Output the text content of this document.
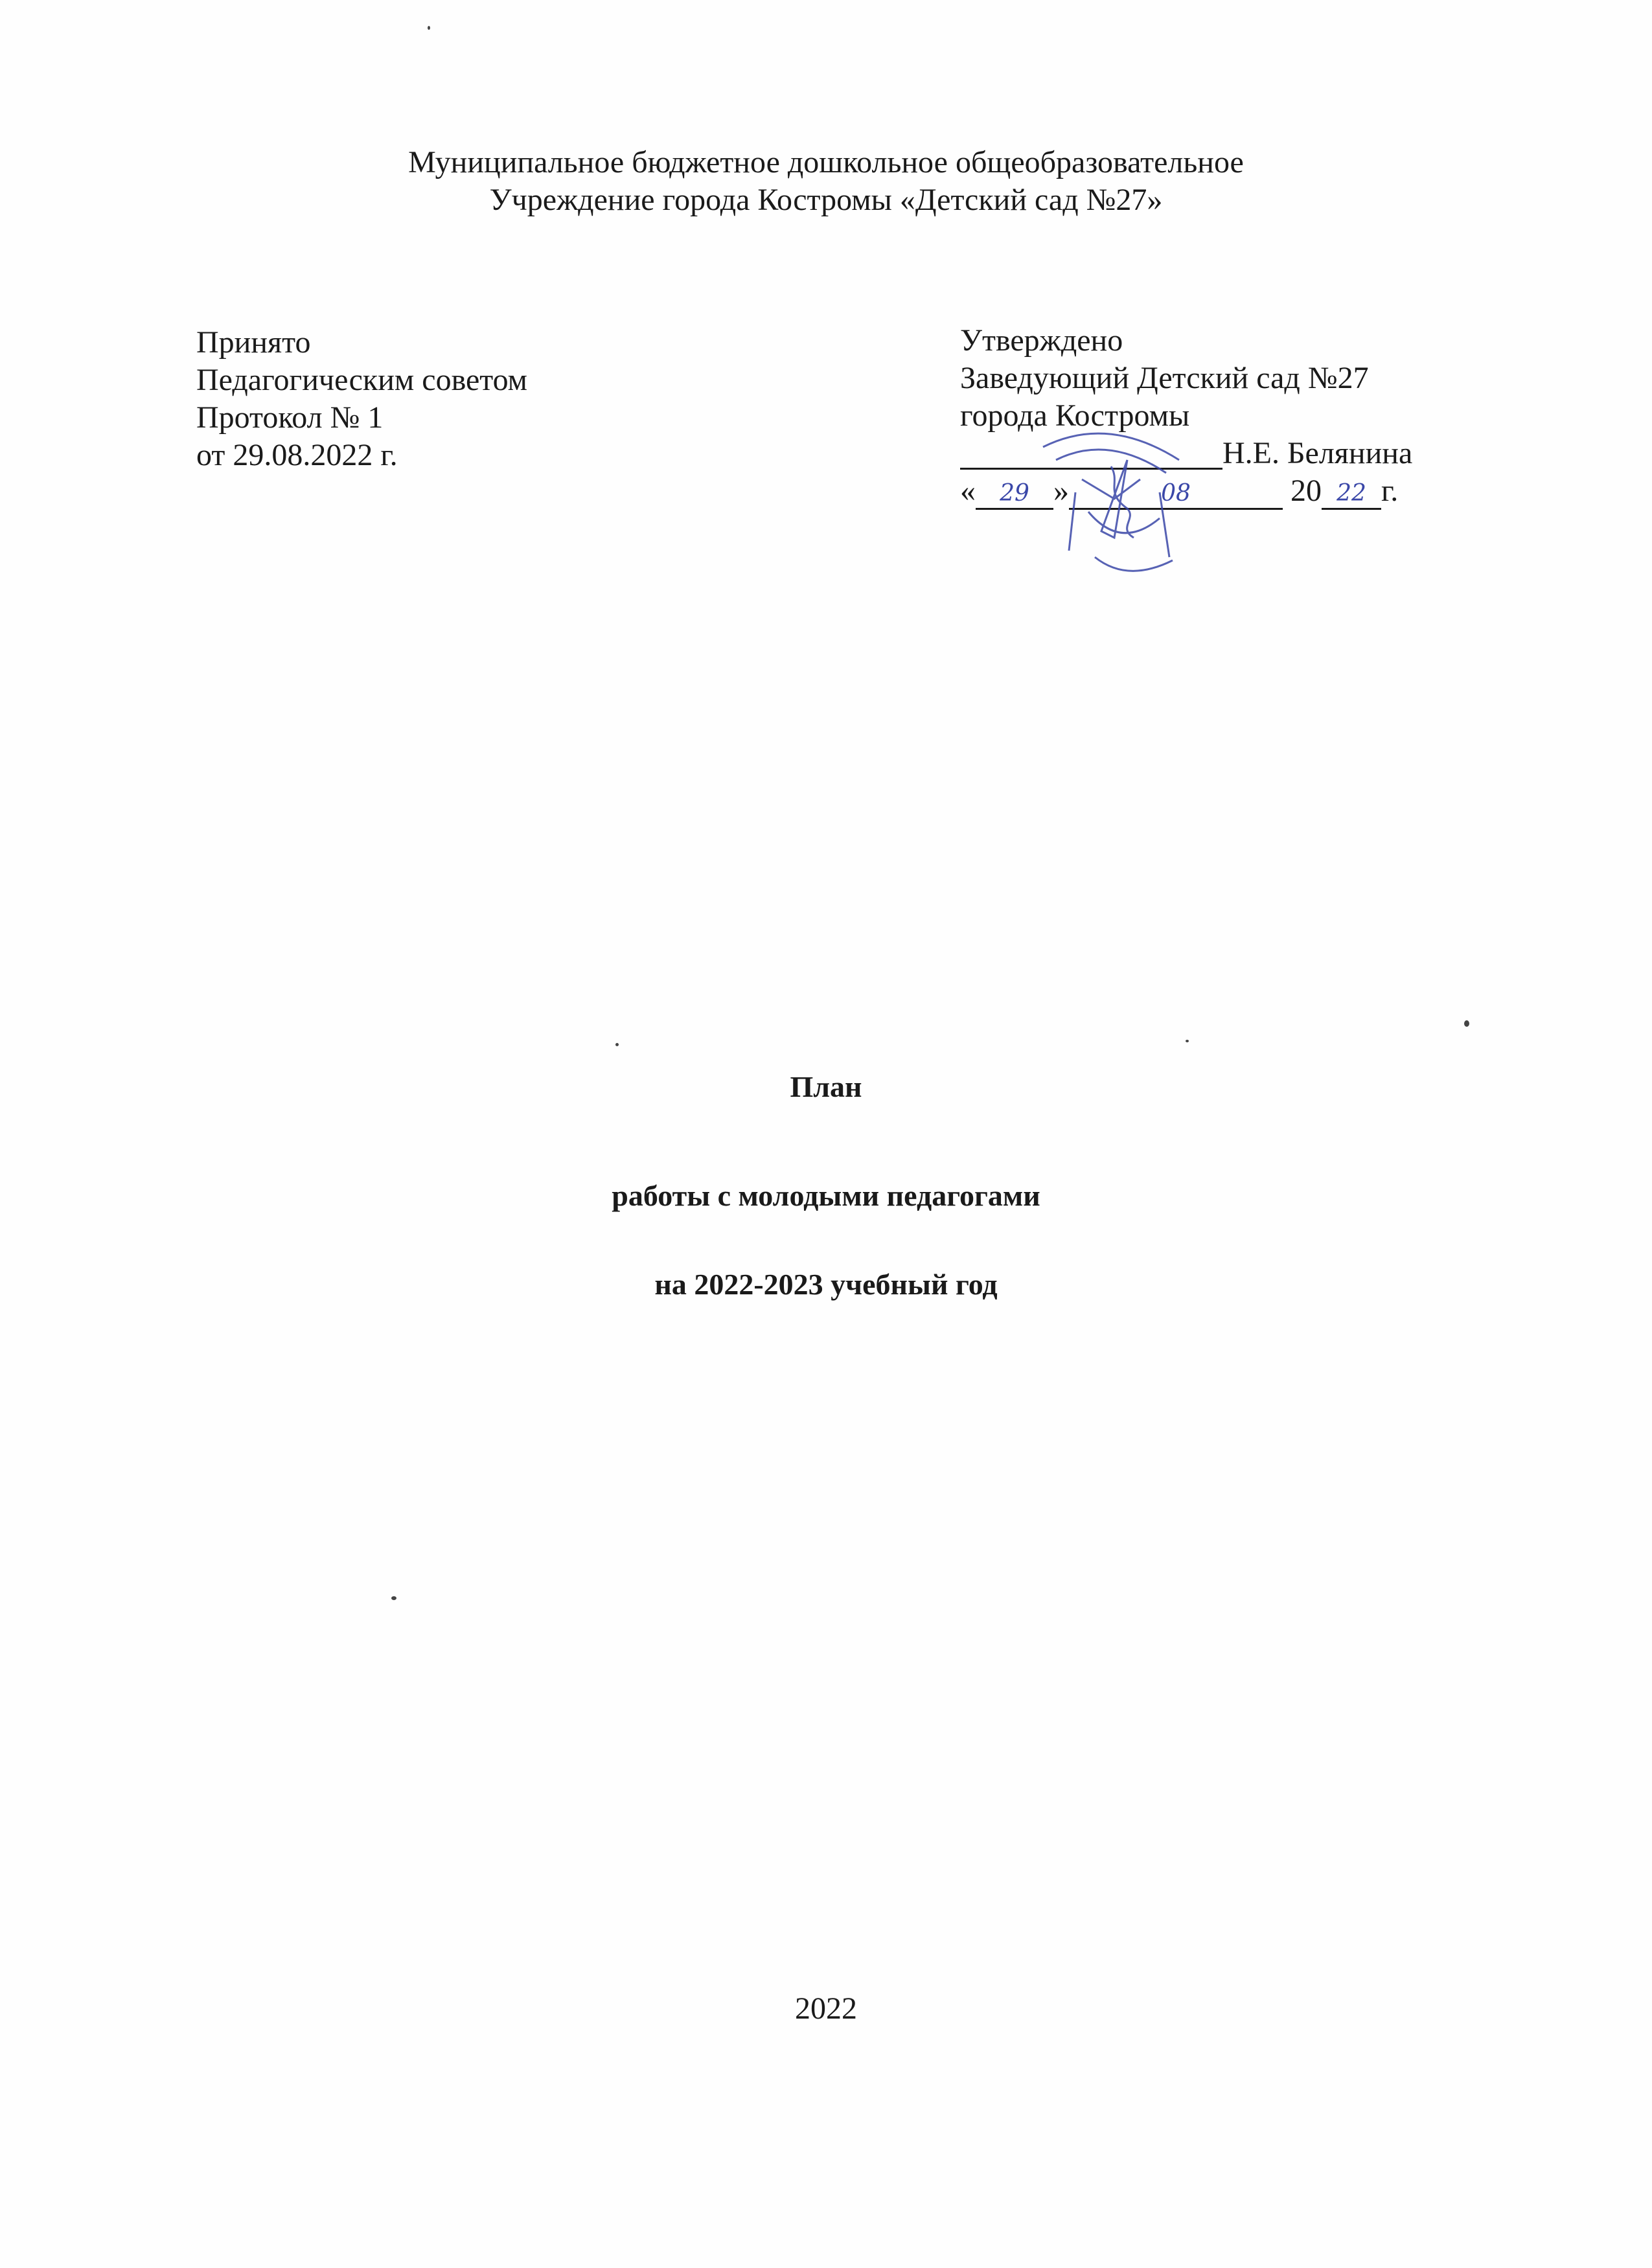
Муниципальное бюджетное дошкольное общеобразовательное
Учреждение города Костромы «Детский сад №27»
Принято
Педагогическим советом
Протокол № 1
от 29.08.2022 г.
Утверждено
Заведующий Детский сад №27
города Костромы
Н.Е. Белянина
« 29 »	08	20 22 г.
План
работы с молодыми педагогами
на 2022-2023 учебный год
2022
